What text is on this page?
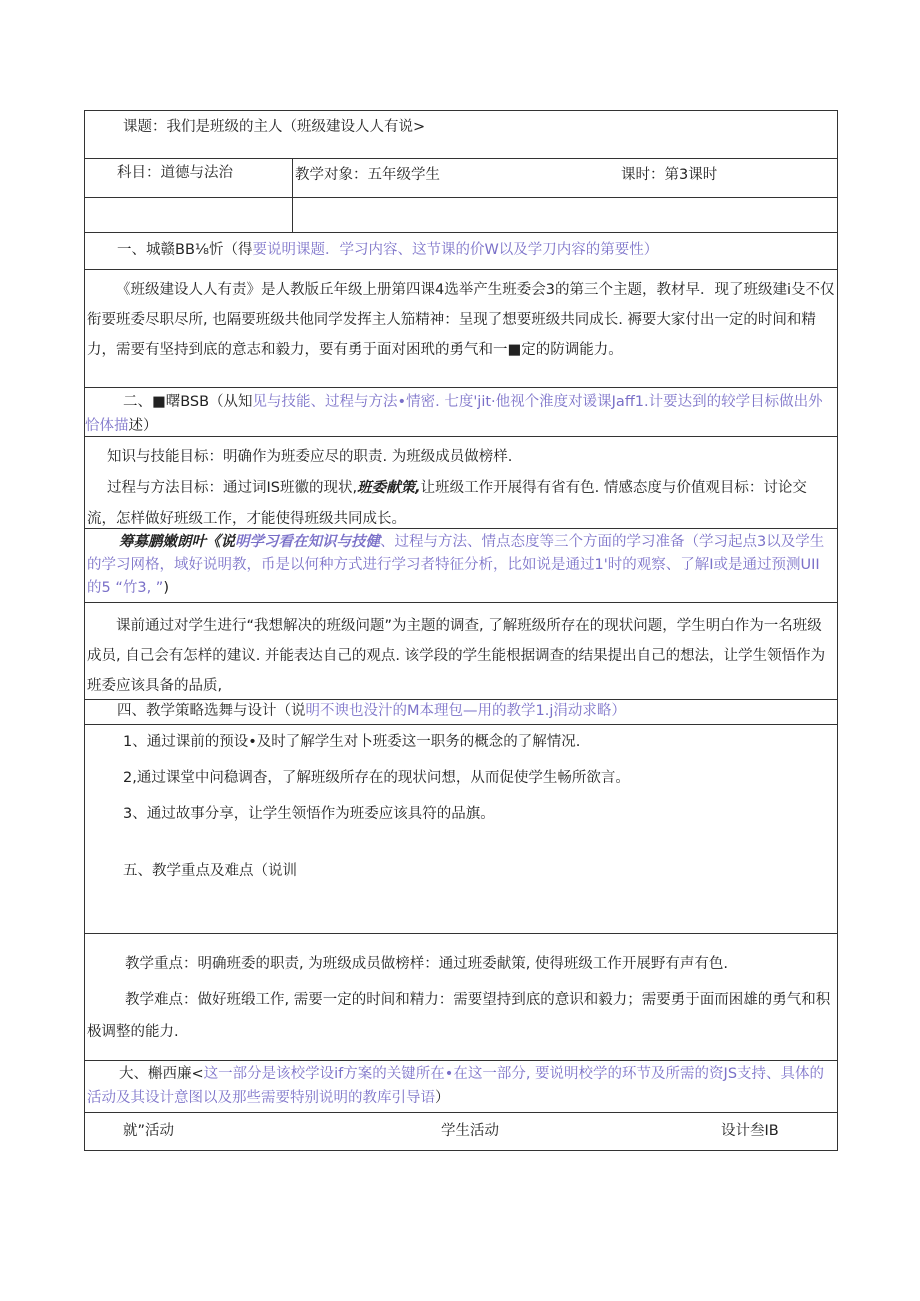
课题：我们是班级的主人（班级建设人人有说>
科目：道德与法治	教学对象：五年级学生	课时：第3课时
一、城赣BB⅛忻（得要说明课题．学习内容、这节课的价W以及学刀内容的第要性）

《班级建设人人有责》是人教版丘年级上册第四课4选举产生班委会3的第三个主题，教材早．现了班级建i殳不仅衔要班委尽职尽所, 也隔要班级共他同学发挥主人笳精神：呈现了想要班级共同成长. 褥要大家付出一定的时间和精力，需要有坚持到底的意志和毅力，要有勇于面对困玳的勇气和一■定的防调能力。

二、■曙BSB（从知见与技能、过程与方法•情密. 七度'jit·他视个淮度对谖课Jaff1.计要达到的较学目标做出外恰体描述）

知识与技能目标：明确作为班委应尽的职责. 为班级成员做榜样.

过程与方法目标：通过词IS班徽的现状,班委献策,让班级工作开展得有省有色. 情感态度与价值观目标：讨论交流，怎样做好班级工作，才能使得班级共同成长。

筹募鹏嫩朗叶《说明学习看在知识与技健、过程与方法、情点态度等三个方面的学习准备（学习起点3以及学生的学习网格，域好说明教，币是以何种方式进行学习者特征分析，比如说是通过1'时的观察、了解I或是通过预测UII的5 “竹3, ”)

课前通过对学生进行“我想解决的班级问题”为主题的调查, 了解班级所存在的现状问题，学生明白作为一名班级成员, 自己会有怎样的建议. 并能表达自己的观点. 该学段的学生能根据调查的结果提出自己的想法，让学生领悟作为班委应该具备的品质,

四、教学策略选舞与设计（说明不谀也没汁的M本理包—用的教学1.j涓动求略）

1、通过课前的预设•及时了解学生对卜班委这一职务的概念的了解情况.

2,通过课堂中问稳调杳，了解班级所存在的现状问想，从而促使学生畅所欲言。

3、通过故事分享，让学生领悟作为班委应该具符的品旗。

五、教学重点及难点（说训

教学重点：明确班委的职责, 为班级成员做榜样：通过班委献策, 使得班级工作开展野有声有色.

教学难点：做好班缎工作, 需要一定的时间和精力：需要望持到底的意识和毅力；需要勇于面而困雄的勇气和积极调整的能力.

大、槲西廉<这一部分是该校学设if方案的关键所在•在这一部分, 要说明校学的环节及所需的资JS支持、具体的活动及其设计意图以及那些需要特别说明的教库引导语）
就”活动	学生活动	设计叁IB
